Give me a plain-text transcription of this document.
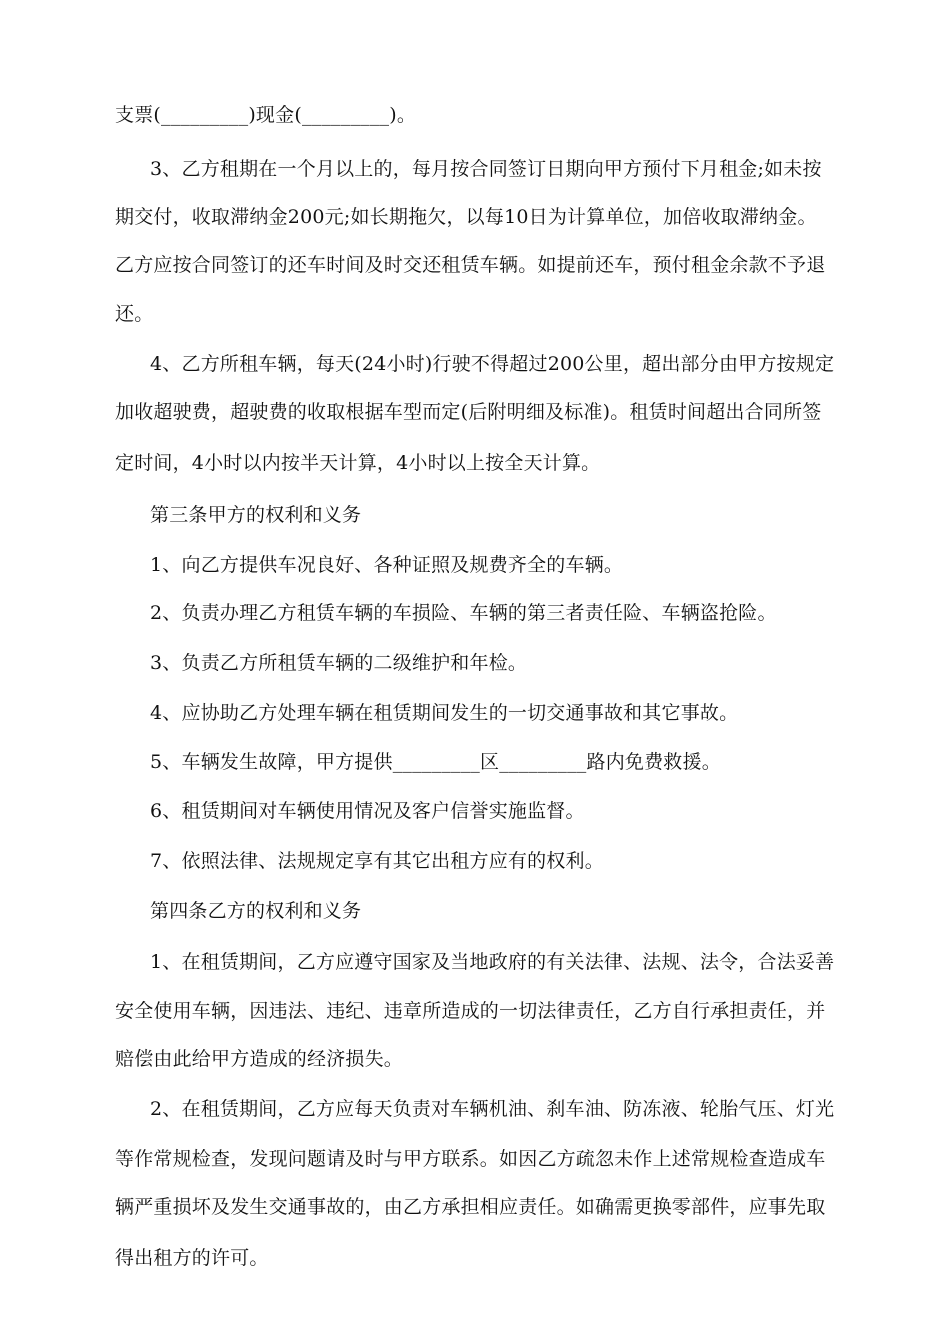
支票(_________)现金(_________)。
3、乙方租期在一个月以上的，每月按合同签订日期向甲方预付下月租金;如未按
期交付，收取滞纳金200元;如长期拖欠，以每10日为计算单位，加倍收取滞纳金。
乙方应按合同签订的还车时间及时交还租赁车辆。如提前还车，预付租金余款不予退
还。
4、乙方所租车辆，每天(24小时)行驶不得超过200公里，超出部分由甲方按规定
加收超驶费，超驶费的收取根据车型而定(后附明细及标准)。租赁时间超出合同所签
定时间，4小时以内按半天计算，4小时以上按全天计算。
第三条甲方的权利和义务
1、向乙方提供车况良好、各种证照及规费齐全的车辆。
2、负责办理乙方租赁车辆的车损险、车辆的第三者责任险、车辆盗抢险。
3、负责乙方所租赁车辆的二级维护和年检。
4、应协助乙方处理车辆在租赁期间发生的一切交通事故和其它事故。
5、车辆发生故障，甲方提供_________区_________路内免费救援。
6、租赁期间对车辆使用情况及客户信誉实施监督。
7、依照法律、法规规定享有其它出租方应有的权利。
第四条乙方的权利和义务
1、在租赁期间，乙方应遵守国家及当地政府的有关法律、法规、法令，合法妥善
安全使用车辆，因违法、违纪、违章所造成的一切法律责任，乙方自行承担责任，并
赔偿由此给甲方造成的经济损失。
2、在租赁期间，乙方应每天负责对车辆机油、刹车油、防冻液、轮胎气压、灯光
等作常规检查，发现问题请及时与甲方联系。如因乙方疏忽未作上述常规检查造成车
辆严重损坏及发生交通事故的，由乙方承担相应责任。如确需更换零部件，应事先取
得出租方的许可。
